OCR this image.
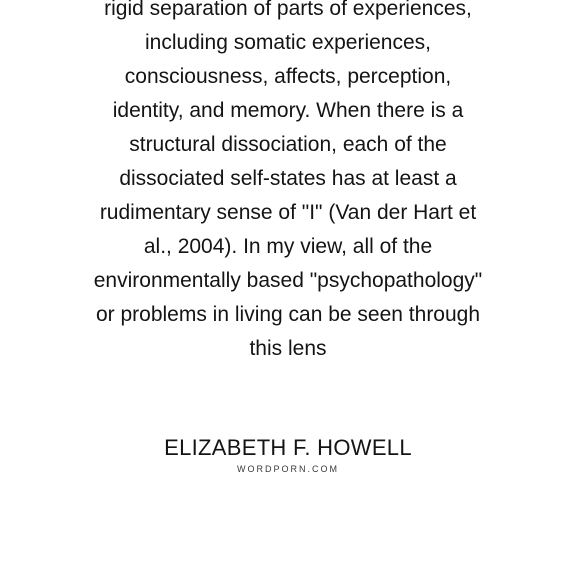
rigid separation of parts of experiences,
including somatic experiences,
consciousness, affects, perception,
identity, and memory. When there is a
structural dissociation, each of the
dissociated self-states has at least a
rudimentary sense of "I" (Van der Hart et
al., 2004). In my view, all of the
environmentally based "psychopathology"
or problems in living can be seen through
this lens
ELIZABETH F. HOWELL
WORDPORN.COM
